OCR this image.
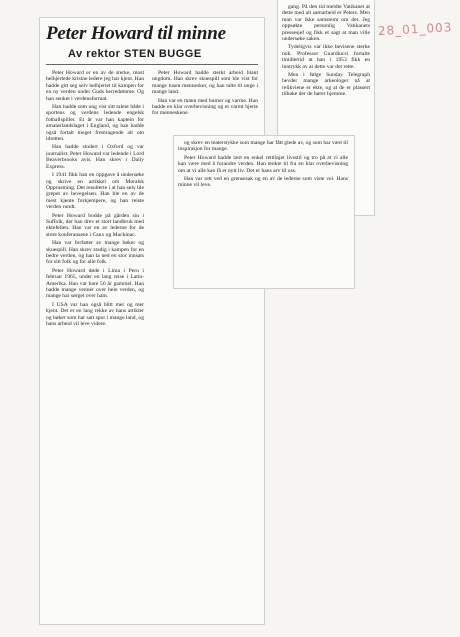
28_01_003

gang. På den tid meldte Vatikanet at dette med alt samarbeid er Peters. Men man var ikke samstemt om det. Jeg oppsøkte personlig Vatikanets pressesjef og fikk et sagt at man ville undersøke saken.

Tydeligvis var ikke bevisene sterke nok. Professor Guardiucci fortalte imidlertid at han i 1953 fikk en inntrykk av at dette var det rette.

Men i følge Sunday Telegraph hevder mange arkeologer nå at relikviene er ekte, og at de er plassert tilbake der de hører hjemme.

Peter Howard til minne
Av rektor STEN BUGGE

Peter Howard er en av de sterke, most helhjertede kristne ledere jeg har kjent. Han hadde gitt seg selv helhjertet til kampen for en ny verden under Guds herredømme. Og han senket i verdensformat.

Han hadde som ung vist sitt talent både i sportens og verdens ledende engelsk fotballspiller. Et år var han kaptein for amatørlandslaget i England, og han hadde også fortalt meget fremragende alt om idretten.

Han hadde studert i Oxford og var journalist. Peter Howard var ledende i Lord Beaverbrooks avis. Han skrev i Daily Express.

I 1941 fikk han en oppgave å undersøke og skrive en artikkel om Moralsk Opprustning. Det resulterte i at han selv ble grepet av bevegelsen. Han ble en av de mest kjente forkjempere, og han reiste verden rundt.

Peter Howard bodde på gården sin i Suffolk, der han drev et stort landbruk med ektefellen. Han var en av lederne for de store konferansene i Caux og Mackinac.

Han var forfatter av mange bøker og skuespill. Han skrev stadig i kampen for en bedre verden, og han la ned en stor innsats for sitt folk og for alle folk.

Peter Howard døde i Lima i Peru i februar 1965, under en lang reise i Latin-Amerika. Han var bare 56 år gammel. Han hadde mange venner over hele verden, og mange har sørget over ham.

I USA var han også blitt mer og mer kjent. Det er en lang rekke av hans artikler og bøker som har satt spor i mange land, og hans arbeid vil leve videre.

Peter Howard hadde sterkt arbeid blant ungdom. Han skrev skuespill som ble vist for mange tusen mennesker, og han talte til unge i mange land.

Han var en mann med humor og varme. Han hadde en klar overbevisning og et varmt hjerte for menneskene.

og skrev en teaterstykke som mange har fått glede av, og som har vært til inspirasjon for mange.

Peter Howard hadde lært en enkel rettlinjet livsstil og tro på at vi alle kan være med å forandre verden. Han tenkte til fra en klar overbevisning om at vi alle kan få et nytt liv. Det er hans arv til oss.

Han var rett ved en grensesak og en av de lederne som viste vei. Hans minne vil leve.
